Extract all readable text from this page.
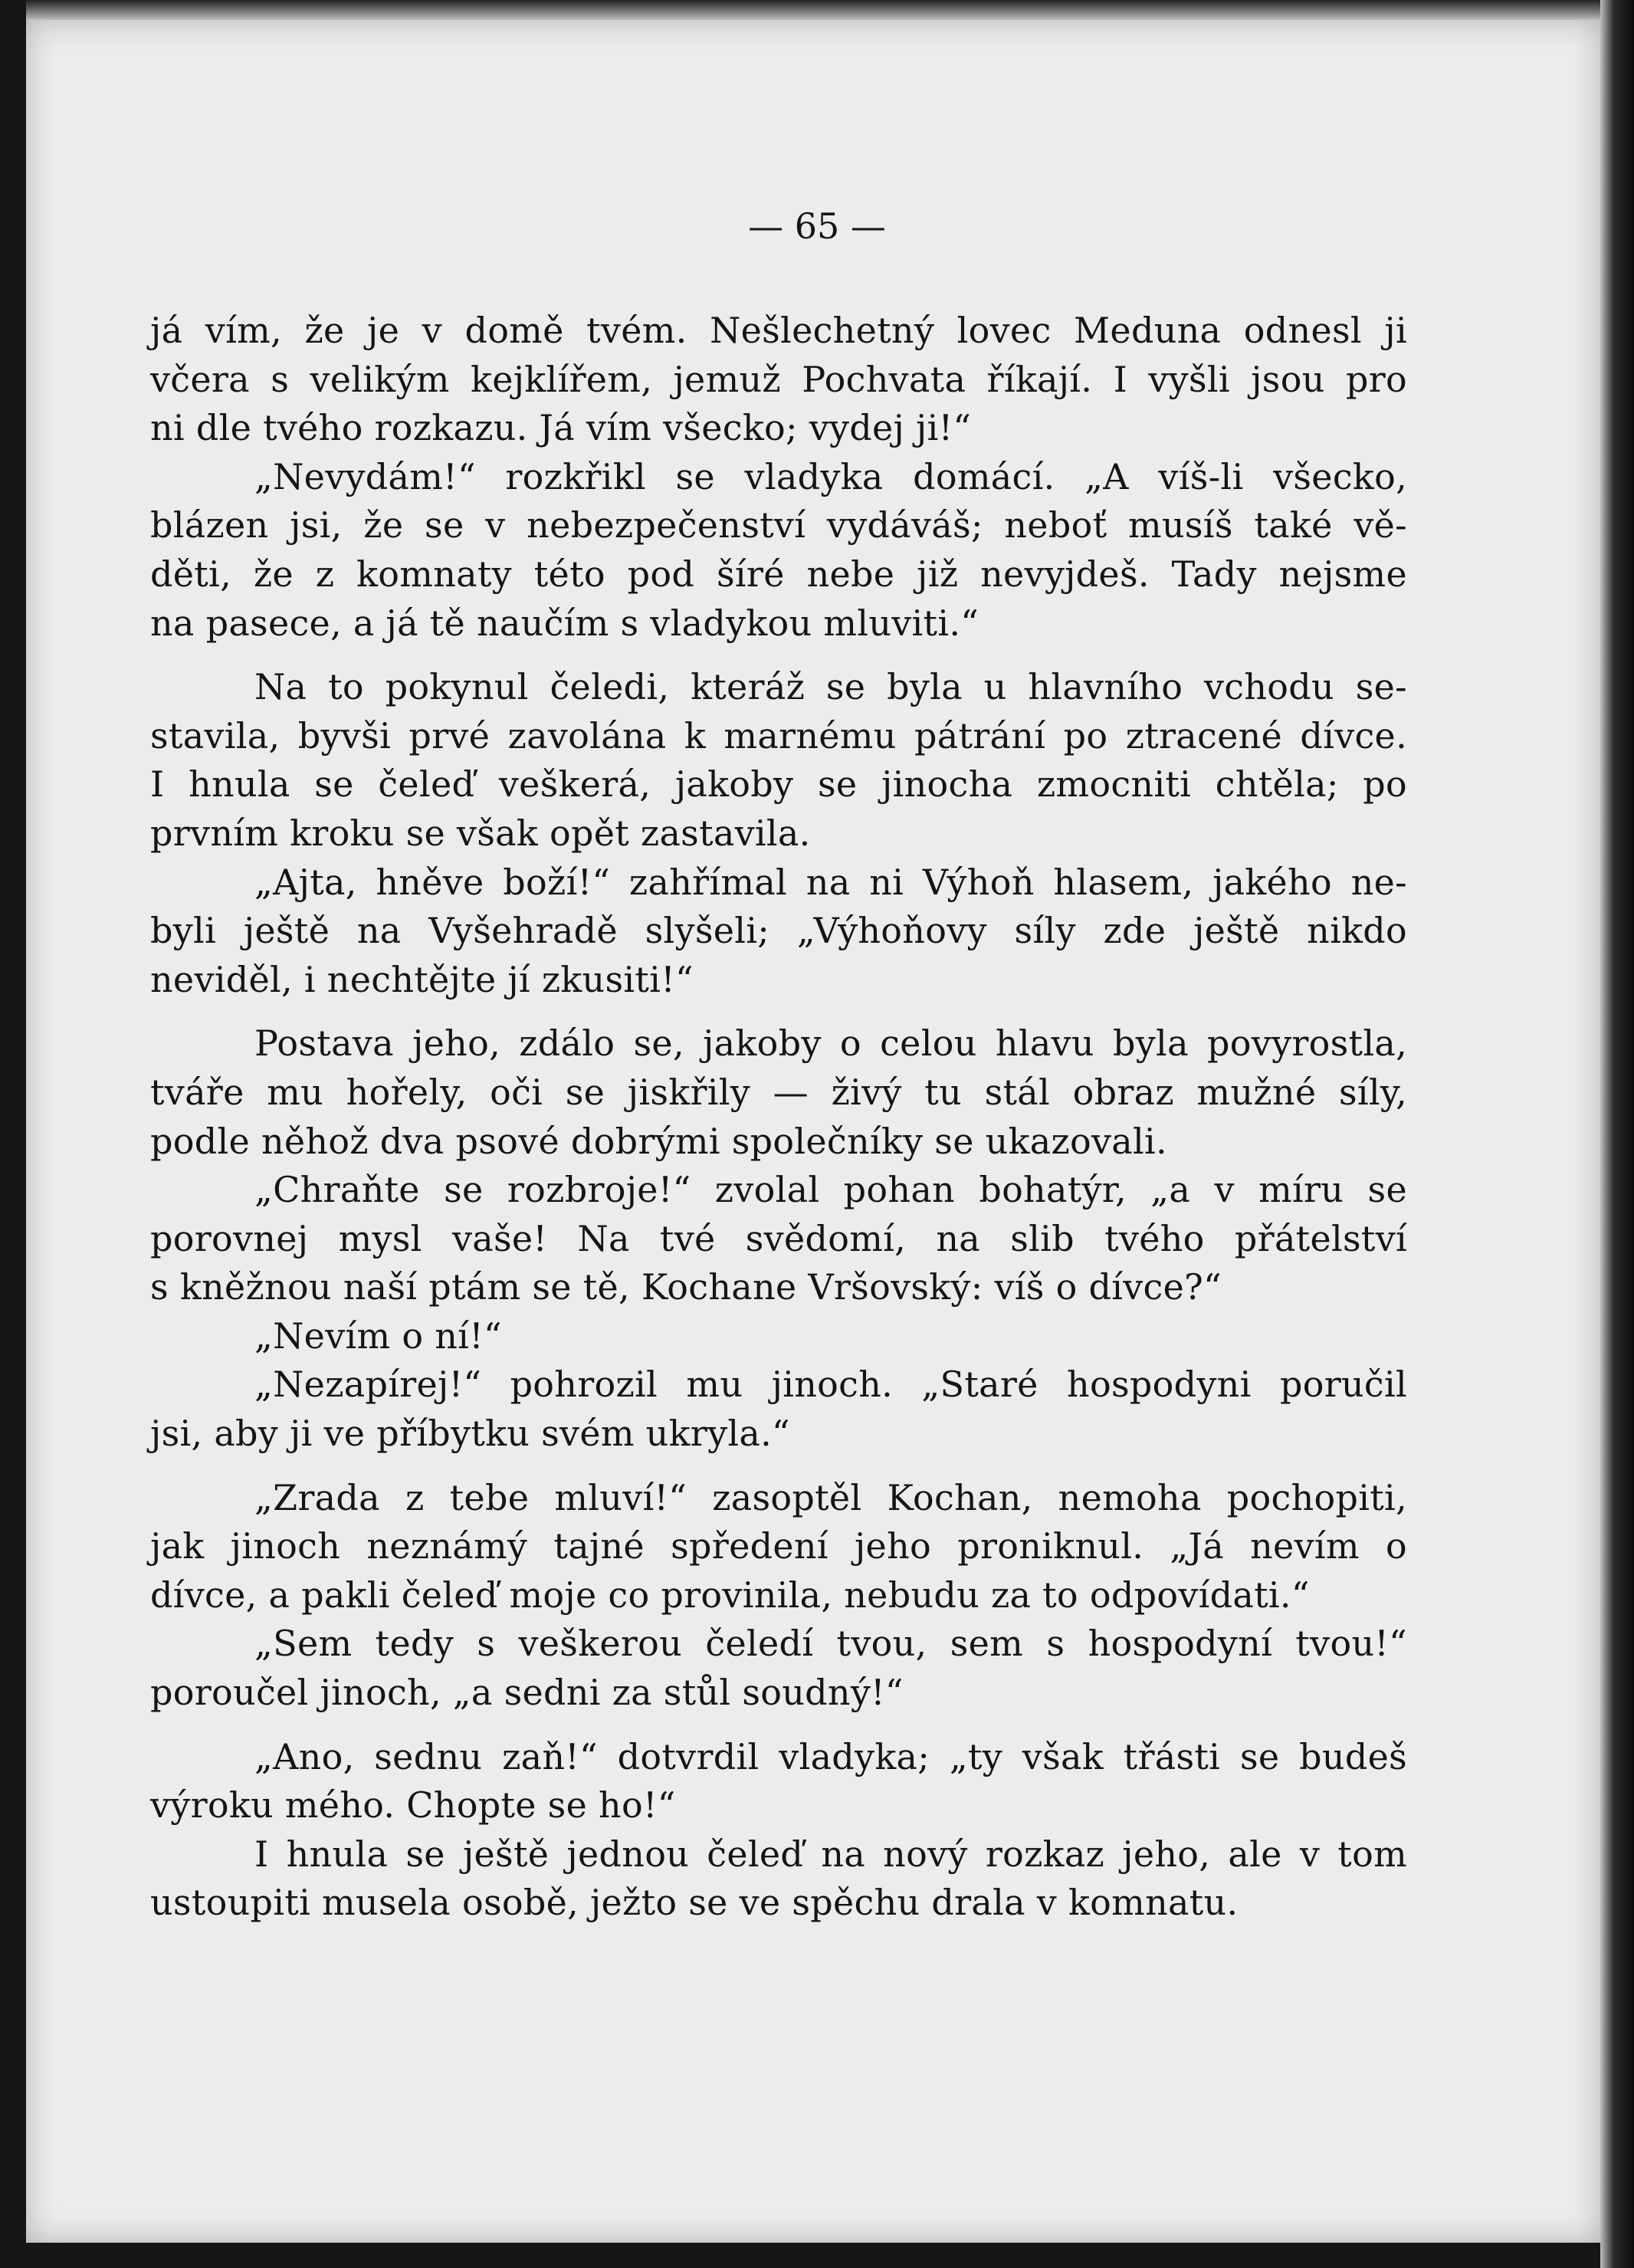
— 65 —
já vím, že je v domě tvém. Nešlechetný lovec Meduna odnesl ji
včera s velikým kejklířem, jemuž Pochvata říkají. I vyšli jsou pro
ni dle tvého rozkazu. Já vím všecko; vydej ji!“
„Nevydám!“ rozkřikl se vladyka domácí. „A víš-li všecko,
blázen jsi, že se v nebezpečenství vydáváš; neboť musíš také vě-
děti, že z komnaty této pod šíré nebe již nevyjdeš. Tady nejsme
na pasece, a já tě naučím s vladykou mluviti.“
Na to pokynul čeledi, kteráž se byla u hlavního vchodu se-
stavila, byvši prvé zavolána k marnému pátrání po ztracené dívce.
I hnula se čeleď veškerá, jakoby se jinocha zmocniti chtěla; po
prvním kroku se však opět zastavila.
„Ajta, hněve boží!“ zahřímal na ni Výhoň hlasem, jakého ne-
byli ještě na Vyšehradě slyšeli; „Výhoňovy síly zde ještě nikdo
neviděl, i nechtějte jí zkusiti!“
Postava jeho, zdálo se, jakoby o celou hlavu byla povyrostla,
tváře mu hořely, oči se jiskřily — živý tu stál obraz mužné síly,
podle něhož dva psové dobrými společníky se ukazovali.
„Chraňte se rozbroje!“ zvolal pohan bohatýr, „a v míru se
porovnej mysl vaše! Na tvé svědomí, na slib tvého přátelství
s kněžnou naší ptám se tě, Kochane Vršovský: víš o dívce?“
„Nevím o ní!“
„Nezapírej!“ pohrozil mu jinoch. „Staré hospodyni poručil
jsi, aby ji ve příbytku svém ukryla.“
„Zrada z tebe mluví!“ zasoptěl Kochan, nemoha pochopiti,
jak jinoch neznámý tajné spředení jeho proniknul. „Já nevím o
dívce, a pakli čeleď moje co provinila, nebudu za to odpovídati.“
„Sem tedy s veškerou čeledí tvou, sem s hospodyní tvou!“
poroučel jinoch, „a sedni za stůl soudný!“
„Ano, sednu zaň!“ dotvrdil vladyka; „ty však třásti se budeš
výroku mého. Chopte se ho!“
I hnula se ještě jednou čeleď na nový rozkaz jeho, ale v tom
ustoupiti musela osobě, ježto se ve spěchu drala v komnatu.
